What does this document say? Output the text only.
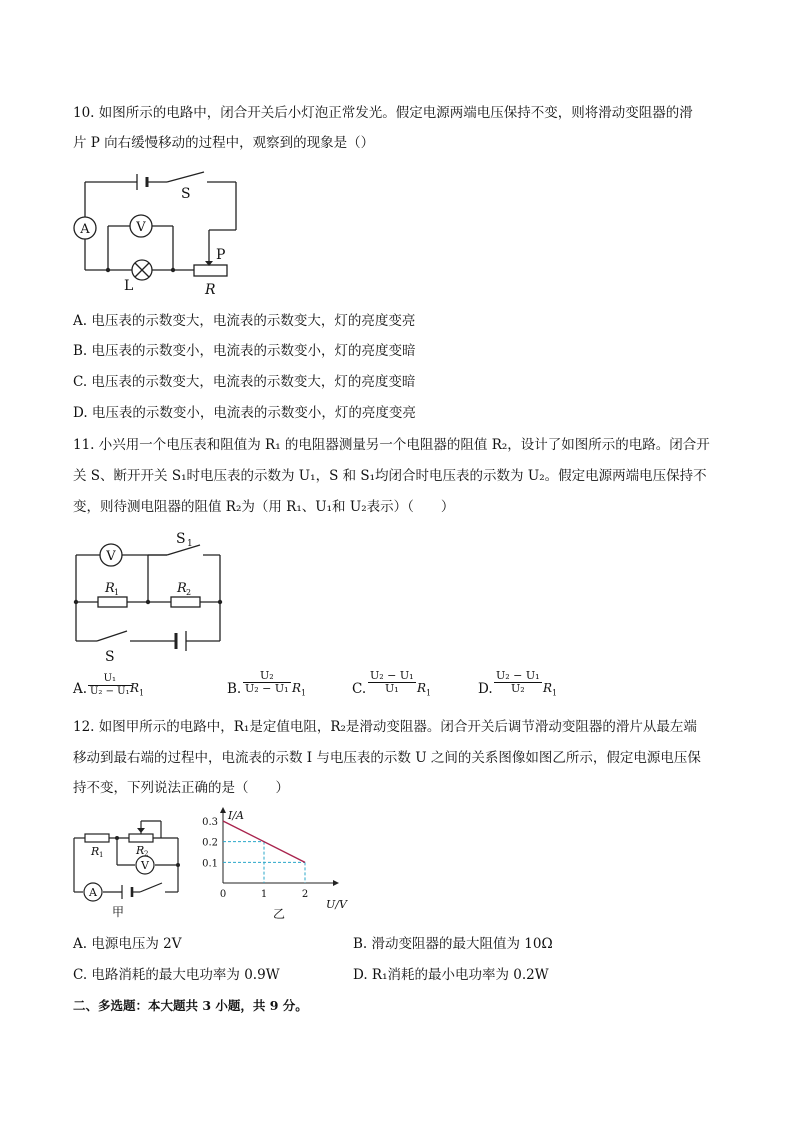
10. 如图所示的电路中，闭合开关后小灯泡正常发光。假定电源两端电压保持不变，则将滑动变阻器的滑
片 P 向右缓慢移动的过程中，观察到的现象是（）
A	V
S
L
P
R
A. 电压表的示数变大，电流表的示数变大，灯的亮度变亮
B. 电压表的示数变小，电流表的示数变小，灯的亮度变暗
C. 电压表的示数变大，电流表的示数变大，灯的亮度变暗
D. 电压表的示数变小，电流表的示数变小，灯的亮度变亮
11. 小兴用一个电压表和阻值为 R₁ 的电阻器测量另一个电阻器的阻值 R₂，设计了如图所示的电路。闭合开
关 S、断开开关 S₁时电压表的示数为 U₁，S 和 S₁均闭合时电压表的示数为 U₂。假定电源两端电压保持不
变，则待测电阻器的阻值 R₂为（用 R₁、U₁和 U₂表示）（　　）
V
S 1
R 1	R 2
S
A. $\frac{\text{U₁}}{\text{U₂ − U₁}}$
$R_1$	B. $\frac{\text{U₂}}{\text{U₂ − U₁}} R_1$	C. $\frac{\text{U₂ − U₁}}{\text{U₁}} R_1$	D. $\frac{\text{U₂ − U₁}}{\text{U₂}} R_1$
12. 如图甲所示的电路中，R₁是定值电阻，R₂是滑动变阻器。闭合开关后调节滑动变阻器的滑片从最左端
移动到最右端的过程中，电流表的示数 I 与电压表的示数 U 之间的关系图像如图乙所示，假定电源电压保
持不变，下列说法正确的是（　　）
R 1	R 2
V
A
甲
0.1
0.2
0.3
0	1	2
I/A
U/V
乙
A. 电源电压为 2V	B. 滑动变阻器的最大阻值为 10Ω
C. 电路消耗的最大电功率为 0.9W	D. R₁消耗的最小电功率为 0.2W
二、多选题：本大题共 3 小题，共 9 分。
